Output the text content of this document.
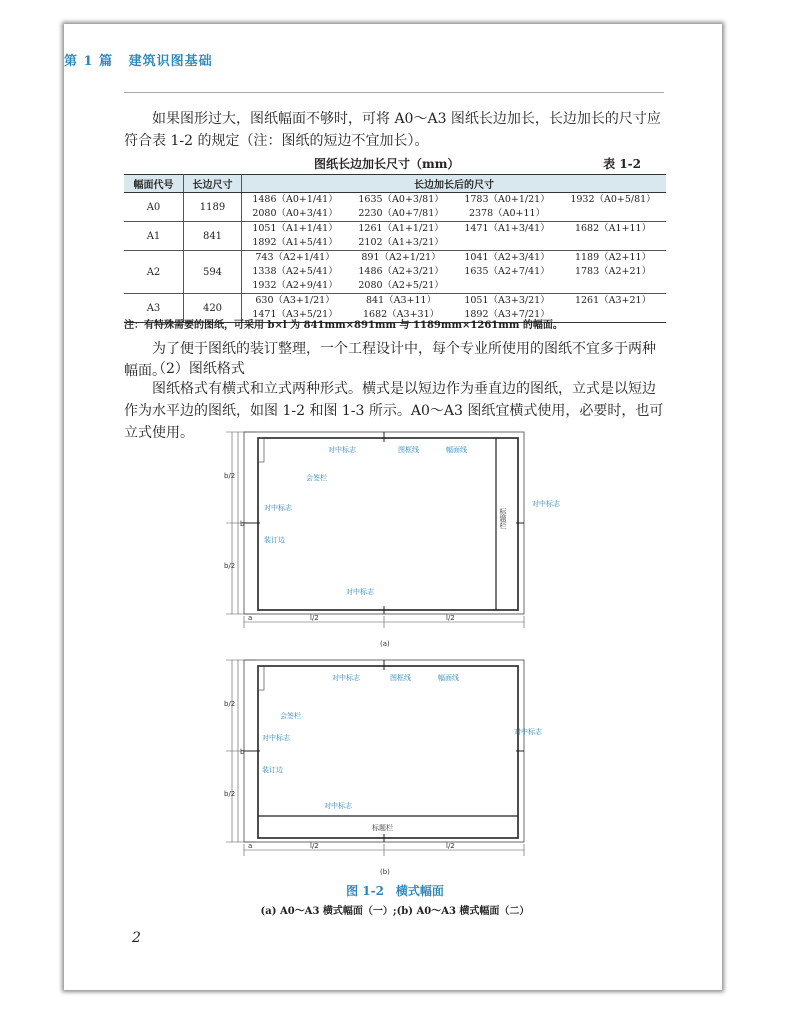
第 1 篇 建筑识图基础
如果图形过大，图纸幅面不够时，可将 A0～A3 图纸长边加长，长边加长的尺寸应符合表 1-2 的规定（注：图纸的短边不宜加长）。
图纸长边加长尺寸（mm）	表 1-2
幅面代号	长边尺寸	长边加长后的尺寸			
A0	1189	1486（A0+1/41）	1635（A0+3/81）	1783（A0+1/21）	1932（A0+5/81）
		2080（A0+3/41）	2230（A0+7/81）	2378（A0+11）	
A1	841	1051（A1+1/41）	1261（A1+1/21）	1471（A1+3/41）	1682（A1+11）
		1892（A1+5/41）	2102（A1+3/21）		
A2	594	743（A2+1/41）	891（A2+1/21）	1041（A2+3/41）	1189（A2+11）
		1338（A2+5/41）	1486（A2+3/21）	1635（A2+7/41）	1783（A2+21）
		1932（A2+9/41）	2080（A2+5/21）		
A3	420	630（A3+1/21）	841（A3+11）	1051（A3+3/21）	1261（A3+21）
		1471（A3+5/21）	1682（A3+31）	1892（A3+7/21）	
注：有特殊需要的图纸，可采用 b×l 为 841mm×891mm 与 1189mm×1261mm 的幅面。
为了便于图纸的装订整理，一个工程设计中，每个专业所使用的图纸不宜多于两种幅面。
（2）图纸格式
图纸格式有横式和立式两种形式。横式是以短边作为垂直边的图纸，立式是以短边作为水平边的图纸，如图 1-2 和图 1-3 所示。A0～A3 图纸宜横式使用，必要时，也可立式使用。
b/2
b/2
b	标题栏
l/2	l/2
a
对中标志	图框线	幅面线
会签栏
对中标志
装订边
对中标志
对中标志
(a)
b/2
b/2
b
标题栏
l/2	l/2
a
对中标志	图框线	幅面线
会签栏
对中标志
装订边
对中标志
对中标志
(b)
图 1-2　横式幅面
(a) A0～A3 横式幅面（一）;(b) A0～A3 横式幅面（二）
2
